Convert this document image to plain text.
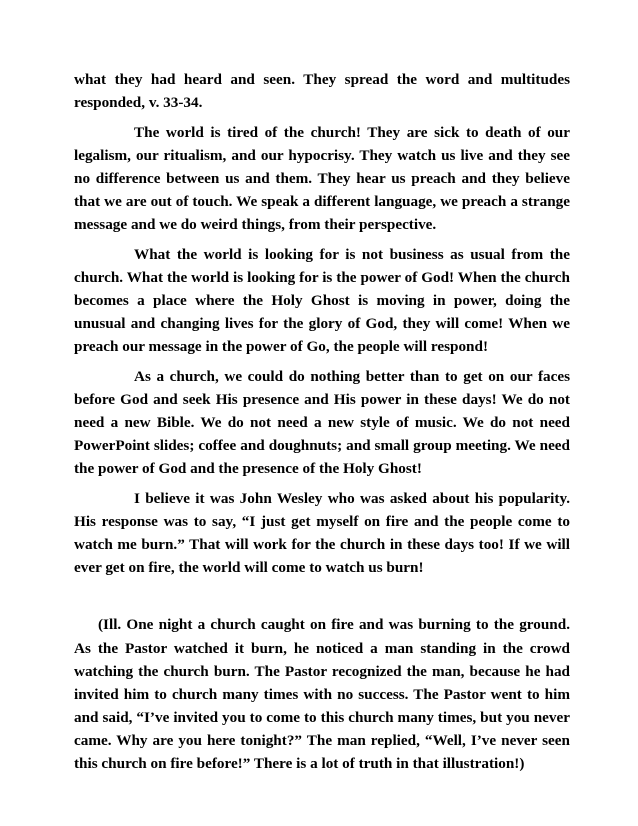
what they had heard and seen. They spread the word and multitudes responded, v. 33-34.

The world is tired of the church! They are sick to death of our legalism, our ritualism, and our hypocrisy. They watch us live and they see no difference between us and them. They hear us preach and they believe that we are out of touch. We speak a different language, we preach a strange message and we do weird things, from their perspective.

What the world is looking for is not business as usual from the church. What the world is looking for is the power of God! When the church becomes a place where the Holy Ghost is moving in power, doing the unusual and changing lives for the glory of God, they will come! When we preach our message in the power of Go, the people will respond!

As a church, we could do nothing better than to get on our faces before God and seek His presence and His power in these days! We do not need a new Bible. We do not need a new style of music. We do not need PowerPoint slides; coffee and doughnuts; and small group meeting. We need the power of God and the presence of the Holy Ghost!

I believe it was John Wesley who was asked about his popularity. His response was to say, “I just get myself on fire and the people come to watch me burn.” That will work for the church in these days too! If we will ever get on fire, the world will come to watch us burn!

(Ill. One night a church caught on fire and was burning to the ground. As the Pastor watched it burn, he noticed a man standing in the crowd watching the church burn. The Pastor recognized the man, because he had invited him to church many times with no success. The Pastor went to him and said, “I’ve invited you to come to this church many times, but you never came. Why are you here tonight?” The man replied, “Well, I’ve never seen this church on fire before!” There is a lot of truth in that illustration!)
